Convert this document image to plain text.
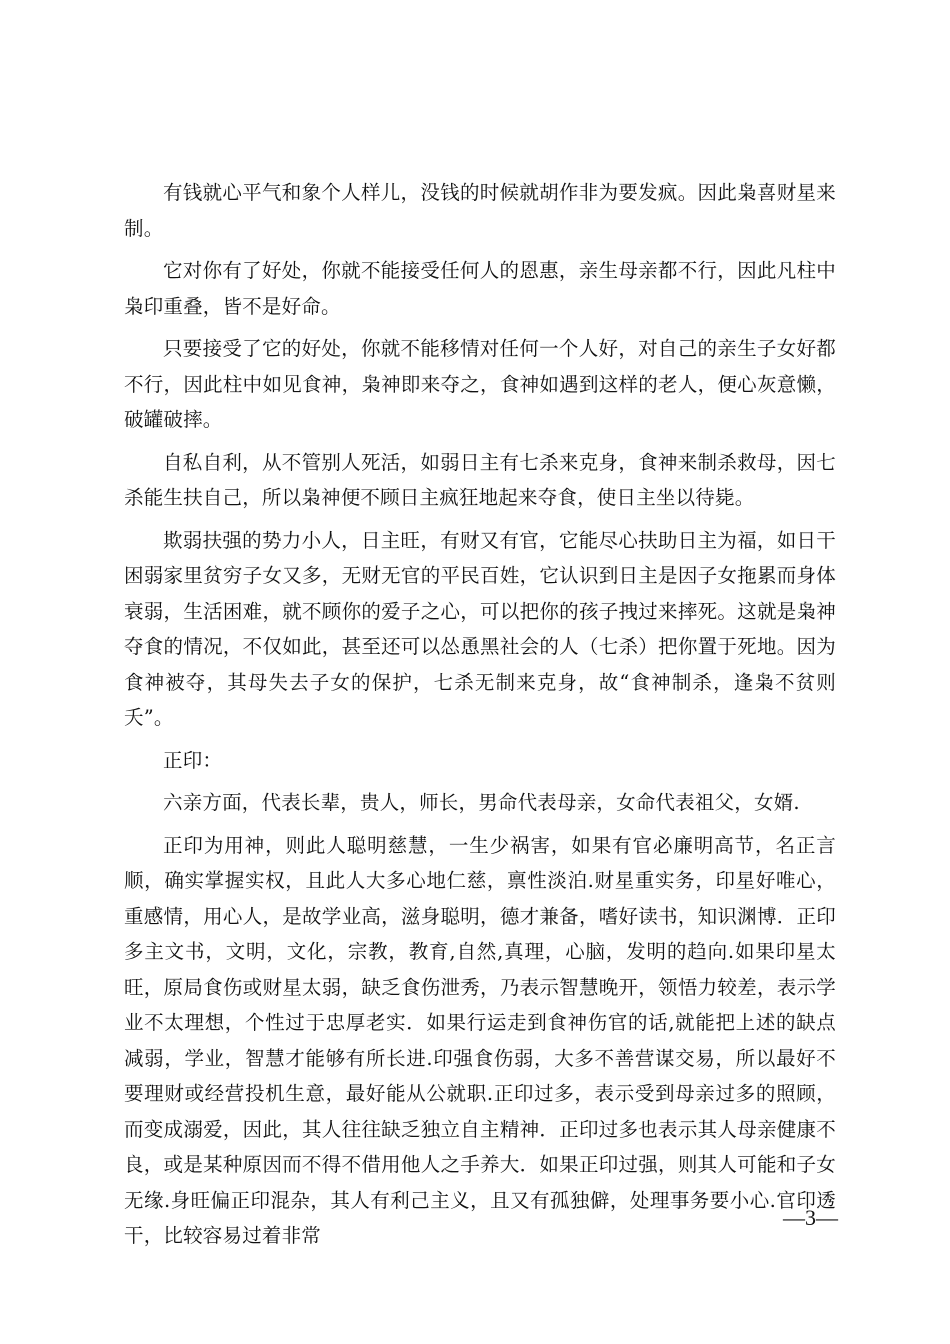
有钱就心平气和象个人样儿，没钱的时候就胡作非为要发疯。因此枭喜财星来制。

它对你有了好处，你就不能接受任何人的恩惠，亲生母亲都不行，因此凡柱中枭印重叠，皆不是好命。

只要接受了它的好处，你就不能移情对任何一个人好，对自己的亲生子女好都不行，因此柱中如见食神，枭神即来夺之，食神如遇到这样的老人，便心灰意懒，破罐破摔。

自私自利，从不管别人死活，如弱日主有七杀来克身，食神来制杀救母，因七杀能生扶自己，所以枭神便不顾日主疯狂地起来夺食，使日主坐以待毙。

欺弱扶强的势力小人，日主旺，有财又有官，它能尽心扶助日主为福，如日干困弱家里贫穷子女又多，无财无官的平民百姓，它认识到日主是因子女拖累而身体衰弱，生活困难，就不顾你的爱子之心，可以把你的孩子拽过来摔死。这就是枭神夺食的情况，不仅如此，甚至还可以怂恿黑社会的人（七杀）把你置于死地。因为食神被夺，其母失去子女的保护，七杀无制来克身，故“食神制杀，逢枭不贫则夭”。

正印：

六亲方面，代表长辈，贵人，师长，男命代表母亲，女命代表祖父，女婿.

正印为用神，则此人聪明慈慧，一生少祸害，如果有官必廉明高节，名正言顺，确实掌握实权，且此人大多心地仁慈，禀性淡泊.财星重实务，印星好唯心，重感情，用心人，是故学业高，滋身聪明，德才兼备，嗜好读书，知识渊博．正印多主文书，文明，文化，宗教，教育,自然,真理，心脑，发明的趋向.如果印星太旺，原局食伤或财星太弱，缺乏食伤泄秀，乃表示智慧晚开，领悟力较差，表示学业不太理想，个性过于忠厚老实．如果行运走到食神伤官的话,就能把上述的缺点减弱，学业，智慧才能够有所长进.印强食伤弱，大多不善营谋交易，所以最好不要理财或经营投机生意，最好能从公就职.正印过多，表示受到母亲过多的照顾，而变成溺爱，因此，其人往往缺乏独立自主精神．正印过多也表示其人母亲健康不良，或是某种原因而不得不借用他人之手养大．如果正印过强，则其人可能和子女无缘.身旺偏正印混杂，其人有利己主义，且又有孤独僻，处理事务要小心.官印透干，比较容易过着非常

—3—
